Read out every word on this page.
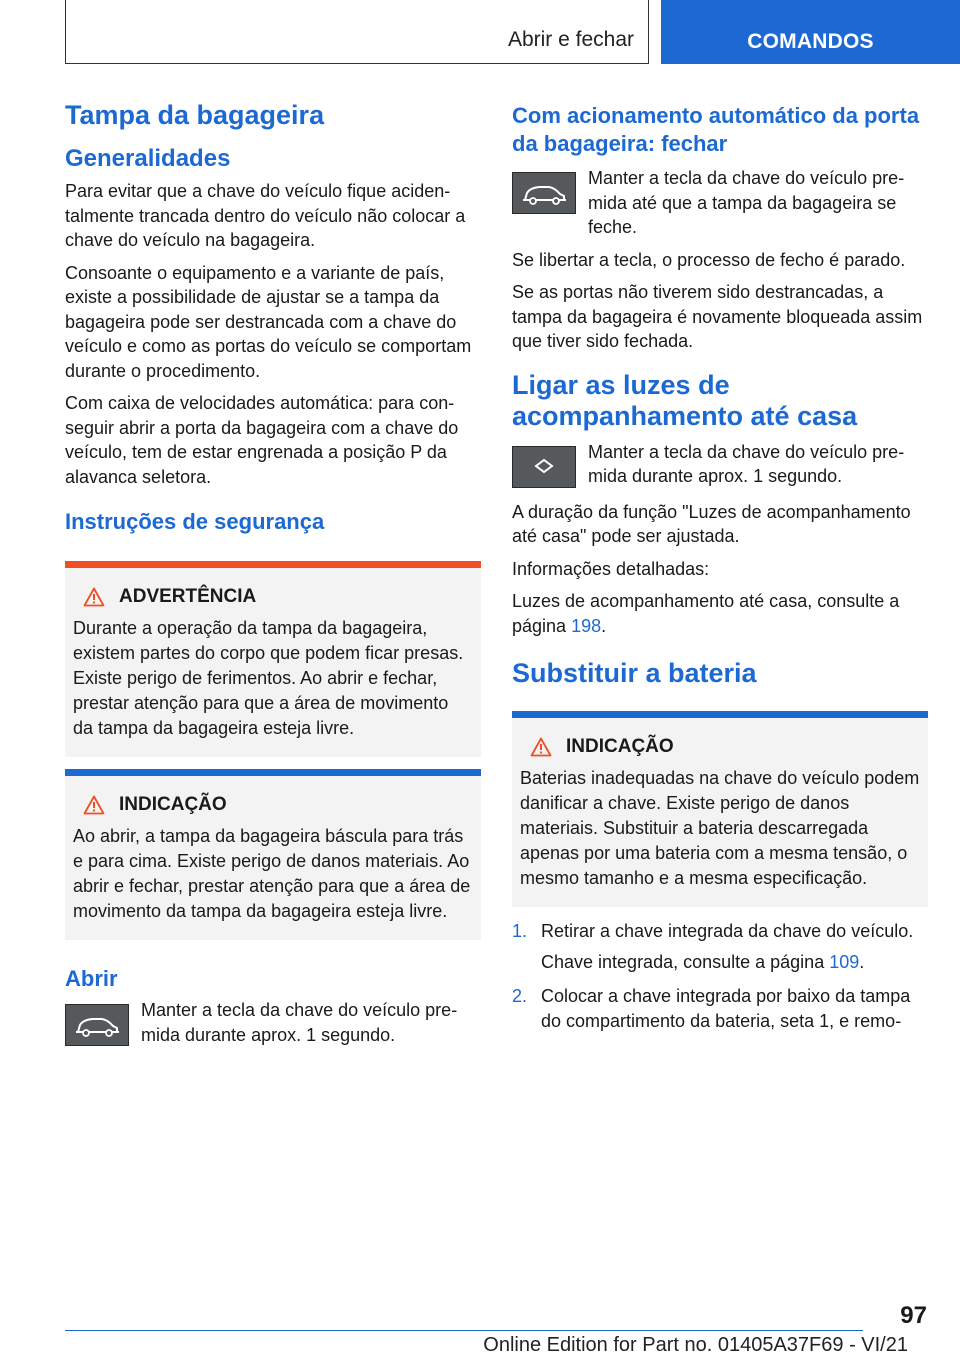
Abrir e fechar	COMANDOS
Tampa da bagageira
Generalidades

Para evitar que a chave do veículo fique acidentalmente trancada dentro do veículo não colocar a chave do veículo na bagageira.

Consoante o equipamento e a variante de país, existe a possibilidade de ajustar se a tampa da bagageira pode ser destrancada com a chave do veículo e como as portas do veículo se comportam durante o procedimento.

Com caixa de velocidades automática: para conseguir abrir a porta da bagageira com a chave do veículo, tem de estar engrenada a posição P da alavanca seletora.

Instruções de segurança
ADVERTÊNCIA

Durante a operação da tampa da bagageira, existem partes do corpo que podem ficar presas. Existe perigo de ferimentos. Ao abrir e fechar, prestar atenção para que a área de movimento da tampa da bagageira esteja livre.

INDICAÇÃO

Ao abrir, a tampa da bagageira báscula para trás e para cima. Existe perigo de danos materiais. Ao abrir e fechar, prestar atenção para que a área de movimento da tampa da bagageira esteja livre.

Abrir

Manter a tecla da chave do veículo premida durante aprox. 1 segundo.

Com acionamento automático da porta da bagageira: fechar

Manter a tecla da chave do veículo premida até que a tampa da bagageira se feche.

Se libertar a tecla, o processo de fecho é parado.

Se as portas não tiverem sido destrancadas, a tampa da bagageira é novamente bloqueada assim que tiver sido fechada.

Ligar as luzes de acompanhamento até casa

Manter a tecla da chave do veículo premida durante aprox. 1 segundo.

A duração da função "Luzes de acompanhamento até casa" pode ser ajustada.

Informações detalhadas:

Luzes de acompanhamento até casa, consulte a página 198.

Substituir a bateria
INDICAÇÃO

Baterias inadequadas na chave do veículo podem danificar a chave. Existe perigo de danos materiais. Substituir a bateria descarregada apenas por uma bateria com a mesma tensão, o mesmo tamanho e a mesma especificação.

1. Retirar a chave integrada da chave do veículo.
Chave integrada, consulte a página 109.
2. Colocar a chave integrada por baixo da tampa do compartimento da bateria, seta 1, e remo-
97
Online Edition for Part no. 01405A37F69 - VI/21
